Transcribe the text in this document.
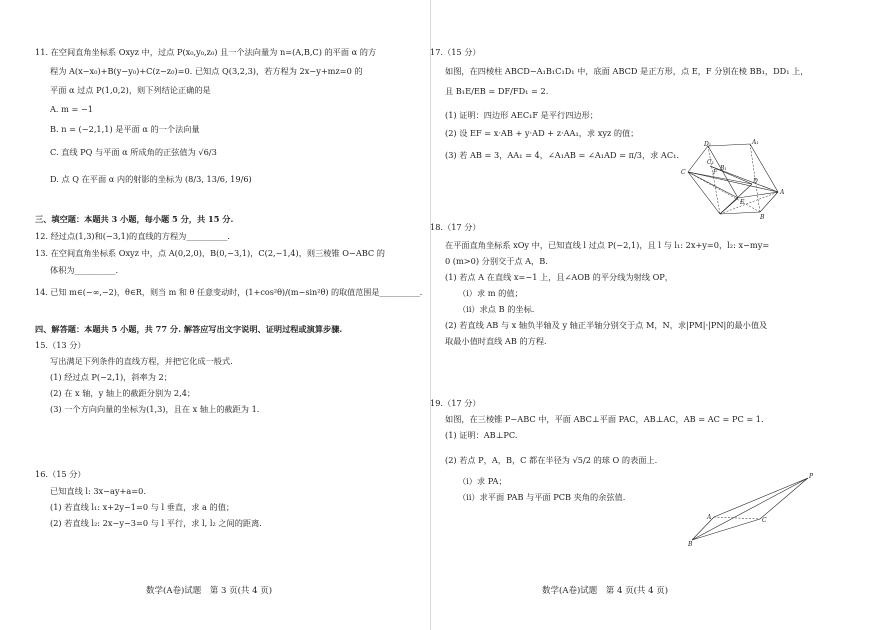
11. 在空间直角坐标系 Oxyz 中，过点 P(x₀,y₀,z₀) 且一个法向量为 n=(A,B,C) 的平面 α 的方
程为 A(x−x₀)+B(y−y₀)+C(z−z₀)=0. 已知点 Q(3,2,3)，若方程为 2x−y+mz=0 的
平面 α 过点 P(1,0,2)，则下列结论正确的是
A. m = −1
B. n = (−2,1,1) 是平面 α 的一个法向量
C. 直线 PQ 与平面 α 所成角的正弦值为 √6/3
D. 点 Q 在平面 α 内的射影的坐标为 (8/3, 13/6, 19/6)
三、填空题：本题共 3 小题，每小题 5 分，共 15 分.
12. 经过点(1,3)和(−3,1)的直线的方程为__________.
13. 在空间直角坐标系 Oxyz 中，点 A(0,2,0)，B(0,−3,1)，C(2,−1,4)，则三棱锥 O−ABC 的
体积为__________.
14. 已知 m∈(−∞,−2)，θ∈R，则当 m 和 θ 任意变动时，(1+cos²θ)/(m−sin²θ) 的取值范围是__________.
四、解答题：本题共 5 小题，共 77 分. 解答应写出文字说明、证明过程或演算步骤.
15.（13 分）
写出满足下列条件的直线方程，并把它化成一般式.
(1) 经过点 P(−2,1)，斜率为 2；
(2) 在 x 轴，y 轴上的截距分别为 2,4；
(3) 一个方向向量的坐标为(1,3)，且在 x 轴上的截距为 1.
16.（15 分）
已知直线 l: 3x−ay+a=0.
(1) 若直线 l₁: x+2y−1=0 与 l 垂直，求 a 的值；
(2) 若直线 l₂: 2x−y−3=0 与 l 平行，求 l, l₂ 之间的距离.
数学(A卷)试题　第 3 页(共 4 页)
17.（15 分）
如图，在四棱柱 ABCD−A₁B₁C₁D₁ 中，底面 ABCD 是正方形，点 E，F 分别在棱 BB₁，DD₁ 上，
且 B₁E/EB = DF/FD₁ = 2.
(1) 证明：四边形 AEC₁F 是平行四边形；
(2) 设 EF = x·AB + y·AD + z·AA₁，求 xyz 的值；
(3) 若 AB = 3，AA₁ = 4，∠A₁AB = ∠A₁AD = π/3，求 AC₁.
D₁	A₁
C₁
B₁
F
D
A
C
E
B
18.（17 分）
在平面直角坐标系 xOy 中，已知直线 l 过点 P(−2,1)，且 l 与 l₁: 2x+y=0，l₂: x−my=
0 (m>0) 分别交于点 A，B.
(1) 若点 A 在直线 x=−1 上，且∠AOB 的平分线为射线 OP，
（ⅰ）求 m 的值；
（ⅱ）求点 B 的坐标.
(2) 若直线 AB 与 x 轴负半轴及 y 轴正半轴分别交于点 M，N，求|PM|·|PN|的最小值及
取最小值时直线 AB 的方程.
19.（17 分）
如图，在三棱锥 P−ABC 中，平面 ABC⊥平面 PAC，AB⊥AC，AB = AC = PC = 1.
(1) 证明：AB⊥PC.
(2) 若点 P，A，B，C 都在半径为 √5/2 的球 O 的表面上.
（ⅰ）求 PA；
（ⅱ）求平面 PAB 与平面 PCB 夹角的余弦值.
P
A	C
B
数学(A卷)试题　第 4 页(共 4 页)
